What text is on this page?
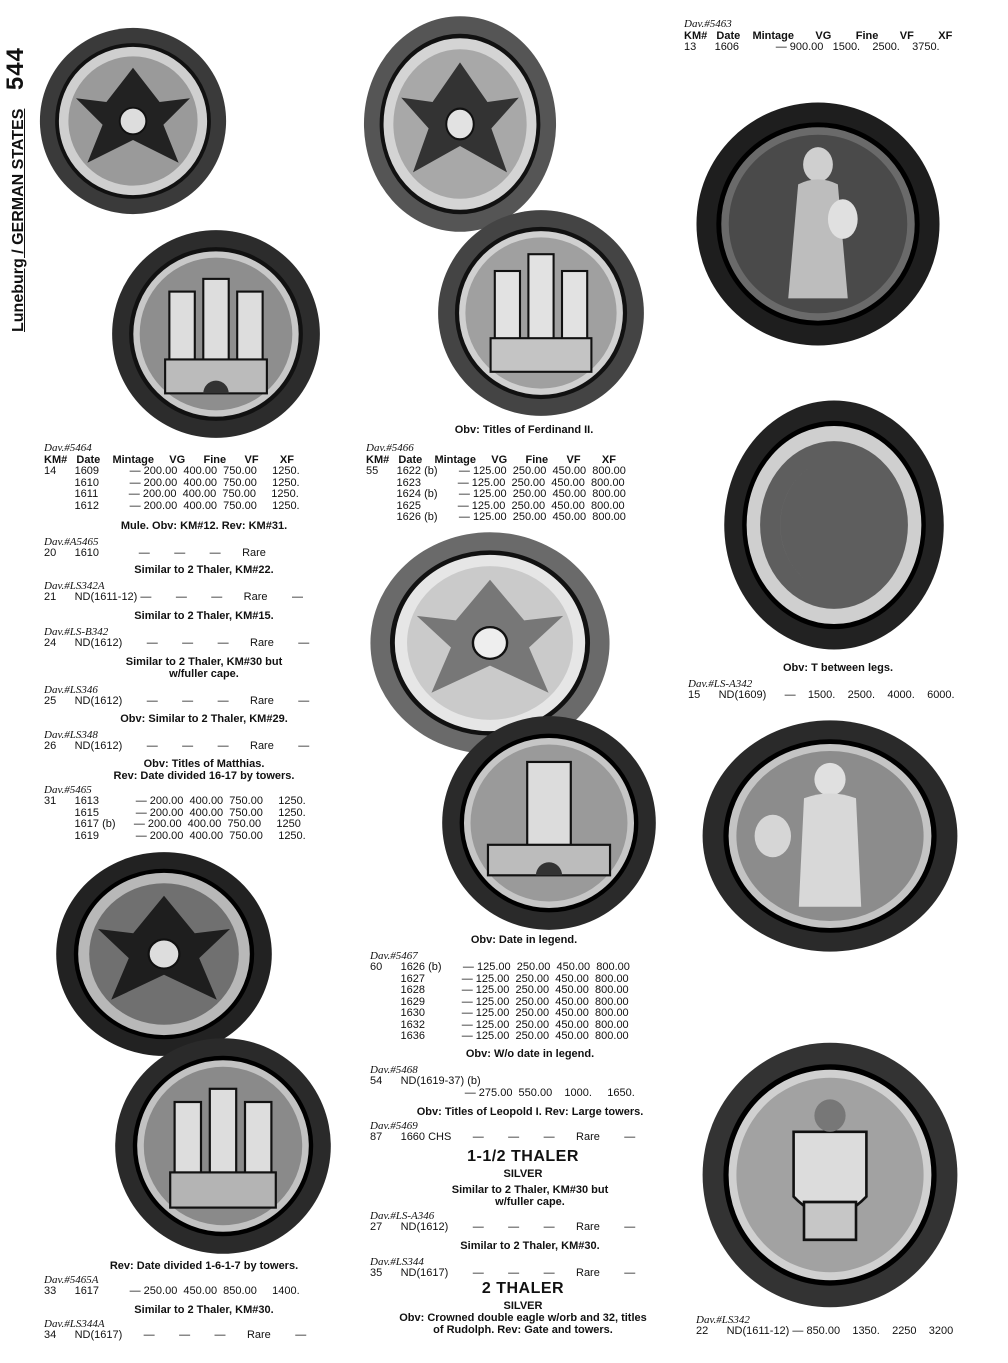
Luneburg / GERMAN STATES 544
Dav.#5464
KM#   Date    Mintage     VG      Fine      VF       XF
14      1609          — 200.00  400.00  750.00     1250.
1610          — 200.00  400.00  750.00     1250.
1611          — 200.00  400.00  750.00     1250.
1612          — 200.00  400.00  750.00     1250.
Mule. Obv: KM#12. Rev: KM#31.
Dav.#A5465
20      1610             —        —        —       Rare
Similar to 2 Thaler, KM#22.
Dav.#LS342A
21      ND(1611-12) —        —        —       Rare        —
Similar to 2 Thaler, KM#15.
Dav.#LS-B342
24      ND(1612)        —        —        —       Rare        —
Similar to 2 Thaler, KM#30 but
w/fuller cape.
Dav.#LS346
25      ND(1612)        —        —        —       Rare        —
Obv: Similar to 2 Thaler, KM#29.
Dav.#LS348
26      ND(1612)        —        —        —       Rare        —
Obv: Titles of Matthias.
Rev: Date divided 16-17 by towers.
Dav.#5465
31      1613            — 200.00  400.00  750.00     1250.
1615            — 200.00  400.00  750.00     1250.
1617 (b)      — 200.00  400.00  750.00     1250
1619            — 200.00  400.00  750.00     1250.
Rev: Date divided 1-6-1-7 by towers.
Dav.#5465A
33      1617          — 250.00  450.00  850.00     1400.
Similar to 2 Thaler, KM#30.
Dav.#LS344A
34      ND(1617)       —        —        —       Rare        —
Obv: Titles of Ferdinand II.
Dav.#5466
KM#   Date    Mintage     VG      Fine      VF       XF
55      1622 (b)       — 125.00  250.00  450.00  800.00
1623            — 125.00  250.00  450.00  800.00
1624 (b)       — 125.00  250.00  450.00  800.00
1625            — 125.00  250.00  450.00  800.00
1626 (b)       — 125.00  250.00  450.00  800.00
Obv: Date in legend.
Dav.#5467
60      1626 (b)       — 125.00  250.00  450.00  800.00
1627            — 125.00  250.00  450.00  800.00
1628            — 125.00  250.00  450.00  800.00
1629            — 125.00  250.00  450.00  800.00
1630            — 125.00  250.00  450.00  800.00
1632            — 125.00  250.00  450.00  800.00
1636            — 125.00  250.00  450.00  800.00
Obv: W/o date in legend.
Dav.#5468
54      ND(1619-37) (b)
— 275.00  550.00    1000.     1650.
Obv: Titles of Leopold I. Rev: Large towers.
Dav.#5469
87      1660 CHS       —        —        —       Rare        —
1-1/2 THALER
SILVER
Similar to 2 Thaler, KM#30 but
w/fuller cape.
Dav.#LS-A346
27      ND(1612)        —        —        —       Rare        —
Similar to 2 Thaler, KM#30.
Dav.#LS344
35      ND(1617)        —        —        —       Rare        —
2 THALER
SILVER
Obv: Crowned double eagle w/orb and 32, titles
of Rudolph. Rev: Gate and towers.
Dav.#5463
KM#   Date    Mintage       VG        Fine       VF        XF
13      1606            — 900.00   1500.    2500.    3750.
Obv: T between legs.
Dav.#LS-A342
15      ND(1609)      —    1500.    2500.    4000.    6000.
Dav.#LS342
22      ND(1611-12) — 850.00    1350.    2250    3200
